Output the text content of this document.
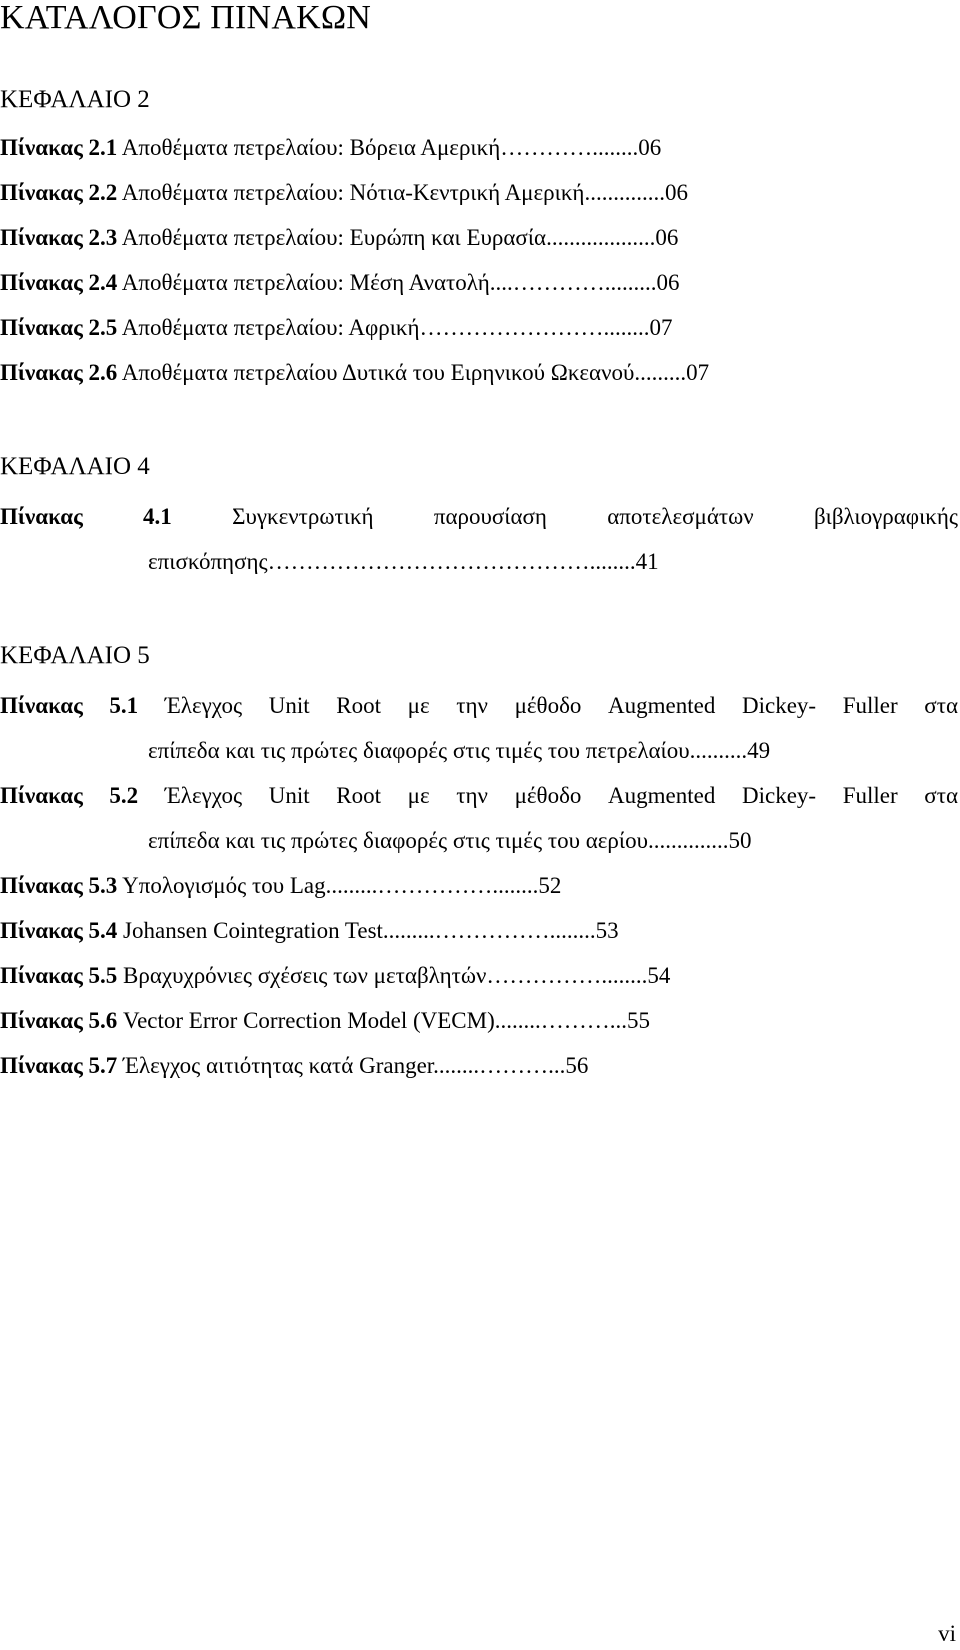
ΚΑΤΑΛΟΓΟΣ ΠΙΝΑΚΩΝ
ΚΕΦΑΛΑΙΟ 2
Πίνακας 2.1 Αποθέματα πετρελαίου: Βόρεια Αμερική…………........06
Πίνακας 2.2 Αποθέματα πετρελαίου: Νότια-Κεντρική Αμερική..............06
Πίνακας 2.3 Αποθέματα πετρελαίου: Ευρώπη και Ευρασία...................06
Πίνακας 2.4 Αποθέματα πετρελαίου: Μέση Ανατολή....………….........06
Πίνακας 2.5 Αποθέματα πετρελαίου: Αφρική……………………........07
Πίνακας 2.6 Αποθέματα πετρελαίου Δυτικά του Ειρηνικού Ωκεανού.........07
ΚΕΦΑΛΑΙΟ 4
Πίνακας 4.1 Συγκεντρωτική παρουσίαση αποτελεσμάτων βιβλιογραφικής
επισκόπησης……………………………………........41
ΚΕΦΑΛΑΙΟ 5
Πίνακας 5.1 Έλεγχος Unit Root με την μέθοδο Augmented Dickey- Fuller στα
επίπεδα και τις πρώτες διαφορές στις τιμές του πετρελαίου..........49
Πίνακας 5.2 Έλεγχος Unit Root με την μέθοδο Augmented Dickey- Fuller στα
επίπεδα και τις πρώτες διαφορές στις τιμές του αερίου..............50
Πίνακας 5.3 Υπολογισμός του Lag.........……………........52
Πίνακας 5.4 Johansen Cointegration Test.........……………........53
Πίνακας 5.5 Βραχυχρόνιες σχέσεις των μεταβλητών……………........54
Πίνακας 5.6 Vector Error Correction Model (VECM)........………...55
Πίνακας 5.7 Έλεγχος αιτιότητας κατά Granger........………...56
vi
